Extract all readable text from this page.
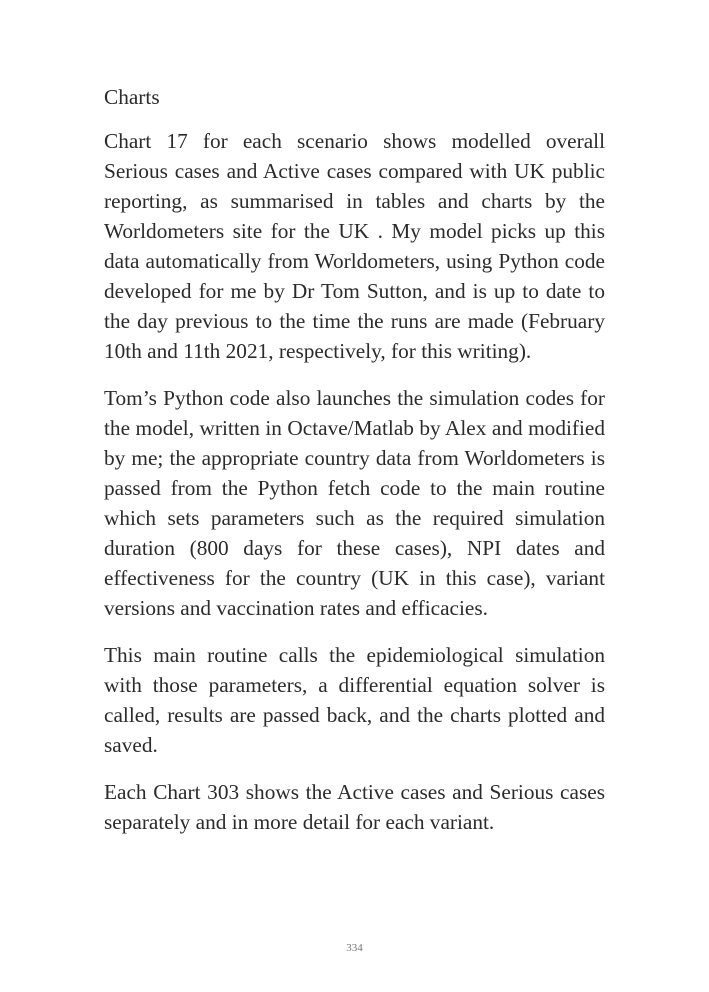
Charts

Chart 17 for each scenario shows modelled overall Serious cases and Active cases compared with UK public reporting, as summarised in tables and charts by the Worldometers site for the UK . My model picks up this data automatically from Worldometers, using Python code developed for me by Dr Tom Sutton, and is up to date to the day previous to the time the runs are made (February 10th and 11th 2021, respectively, for this writing).

Tom’s Python code also launches the simulation codes for the model, written in Octave/Matlab by Alex and modified by me; the appropriate country data from Worldometers is passed from the Python fetch code to the main routine which sets parameters such as the required simulation duration (800 days for these cases), NPI dates and effectiveness for the country (UK in this case), variant versions and vaccination rates and efficacies.

This main routine calls the epidemiological simulation with those parameters, a differential equation solver is called, results are passed back, and the charts plotted and saved.

Each Chart 303 shows the Active cases and Serious cases separately and in more detail for each variant.

334
